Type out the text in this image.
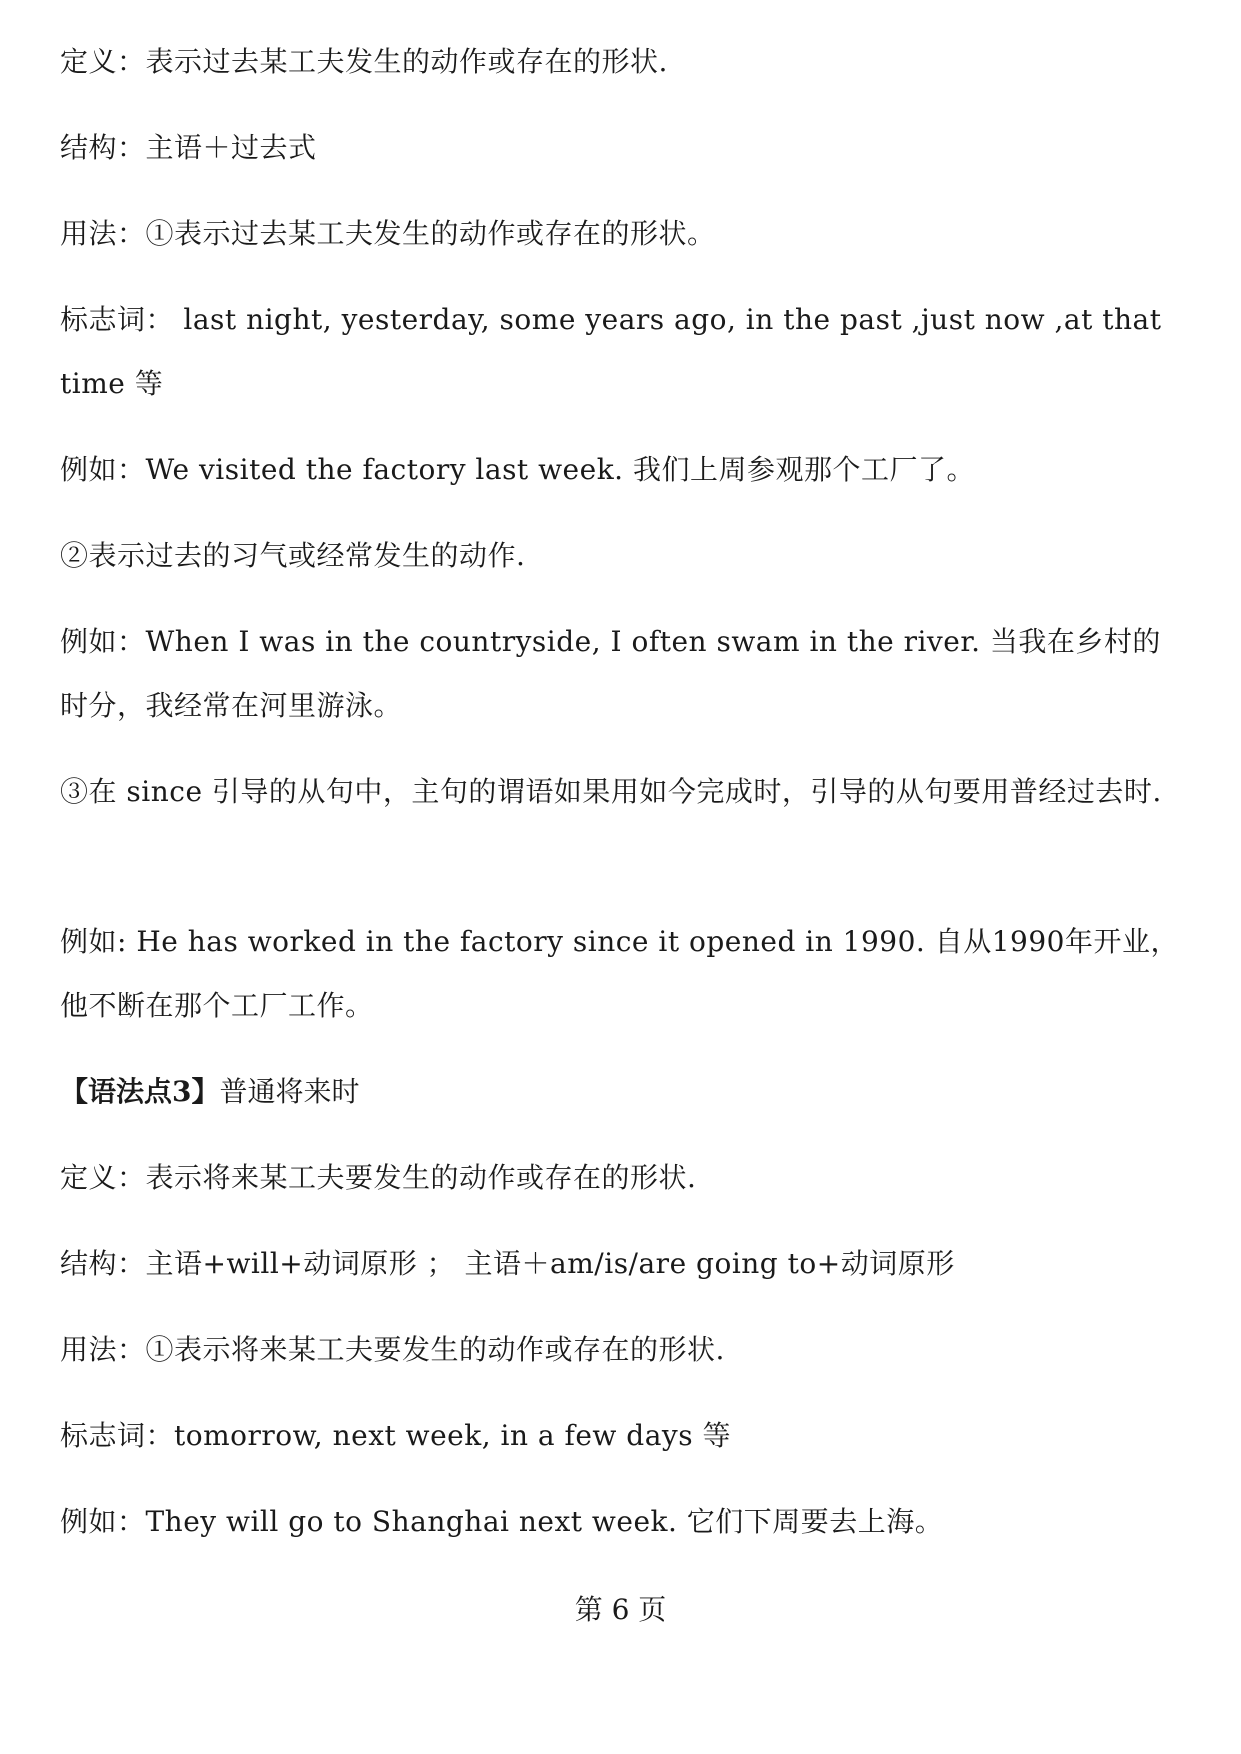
定义：表示过去某工夫发生的动作或存在的形状.
结构：主语＋过去式
用法：①表示过去某工夫发生的动作或存在的形状。
标志词： last night, yesterday, some years ago, in the past ,just now ,at that time 等
例如：We visited the factory last week. 我们上周参观那个工厂了。
②表示过去的习气或经常发生的动作.
例如：When I was in the countryside, I often swam in the river. 当我在乡村的时分，我经常在河里游泳。
③在 since 引导的从句中，主句的谓语如果用如今完成时，引导的从句要用普经过去时.
例如: He has worked in the factory since it opened in 1990. 自从1990年开业，他不断在那个工厂工作。
【语法点3】普通将来时
定义：表示将来某工夫要发生的动作或存在的形状.
结构：主语+will+动词原形 ； 主语＋am/is/are going to+动词原形
用法：①表示将来某工夫要发生的动作或存在的形状.
标志词：tomorrow, next week, in a few days 等
例如：They will go to Shanghai next week. 它们下周要去上海。
第 6 页
